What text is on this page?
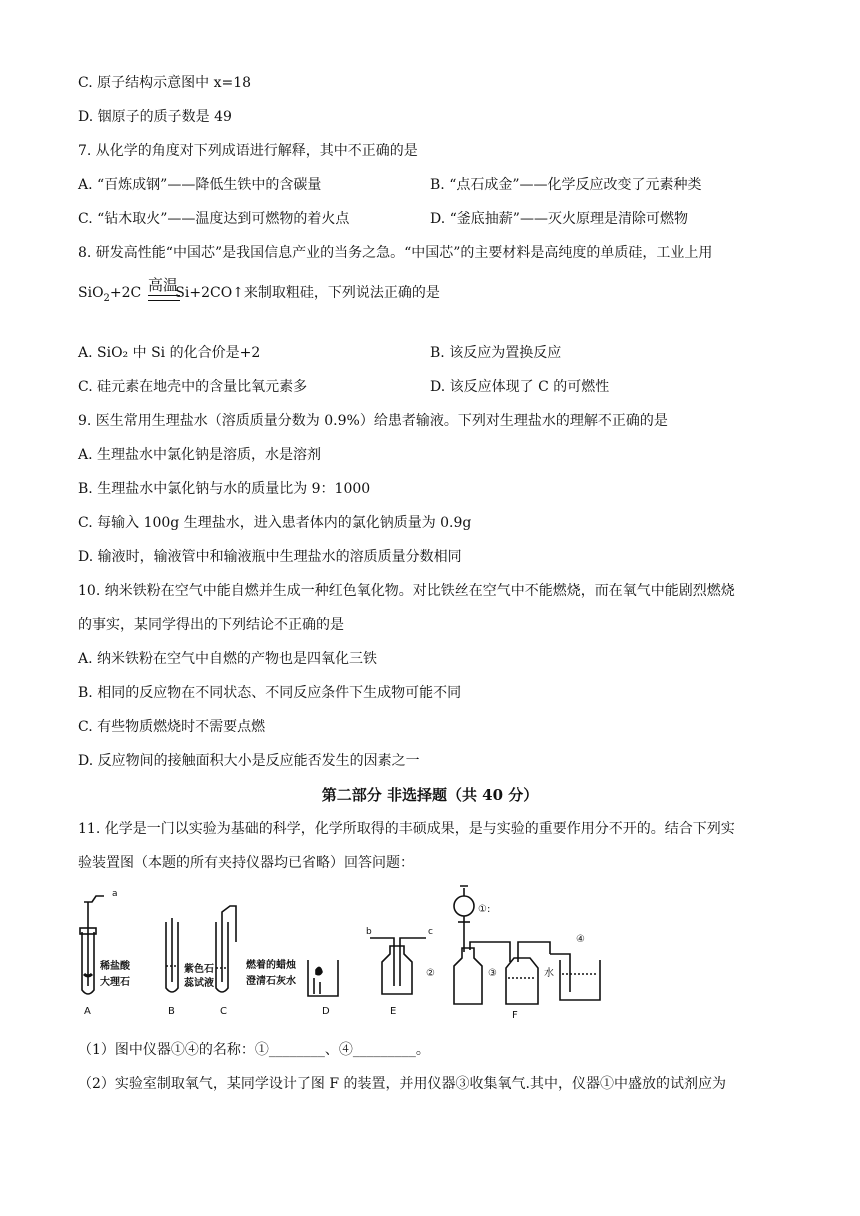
C. 原子结构示意图中 x=18
D. 铟原子的质子数是 49
7. 从化学的角度对下列成语进行解释，其中不正确的是
A. “百炼成钢”——降低生铁中的含碳量	B. “点石成金”——化学反应改变了元素种类
C. “钻木取火”——温度达到可燃物的着火点	D. “釜底抽薪”——灭火原理是清除可燃物
8. 研发高性能“中国芯”是我国信息产业的当务之急。“中国芯”的主要材料是高纯度的单质硅，工业上用
SiO$_2$+2C Si+2CO↑来制取粗硅，下列说法正确的是
高温
A. SiO₂ 中 Si 的化合价是+2	B. 该反应为置换反应
C. 硅元素在地壳中的含量比氧元素多	D. 该反应体现了 C 的可燃性
9. 医生常用生理盐水（溶质质量分数为 0.9%）给患者输液。下列对生理盐水的理解不正确的是
A. 生理盐水中氯化钠是溶质，水是溶剂
B. 生理盐水中氯化钠与水的质量比为 9：1000
C. 每输入 100g 生理盐水，进入患者体内的氯化钠质量为 0.9g
D. 输液时，输液管中和输液瓶中生理盐水的溶质质量分数相同
10. 纳米铁粉在空气中能自燃并生成一种红色氧化物。对比铁丝在空气中不能燃烧，而在氧气中能剧烈燃烧
的事实，某同学得出的下列结论不正确的是
A. 纳米铁粉在空气中自燃的产物也是四氧化三铁
B. 相同的反应物在不同状态、不同反应条件下生成物可能不同
C. 有些物质燃烧时不需要点燃
D. 反应物间的接触面积大小是反应能否发生的因素之一
第二部分 非选择题（共 40 分）
11. 化学是一门以实验为基础的科学，化学所取得的丰硕成果，是与实验的重要作用分不开的。结合下列实
验装置图（本题的所有夹持仪器均已省略）回答问题：
a
稀盐酸
大理石
A
紫色石
蕊试液
B	C
燃着的蜡烛
澄清石灰水
D
b	c
E
①:
②	③	水
④
F
（1）图中仪器①④的名称：①________、④_________。
（2）实验室制取氧气，某同学设计了图 F 的装置，并用仪器③收集氧气.其中，仪器①中盛放的试剂应为
